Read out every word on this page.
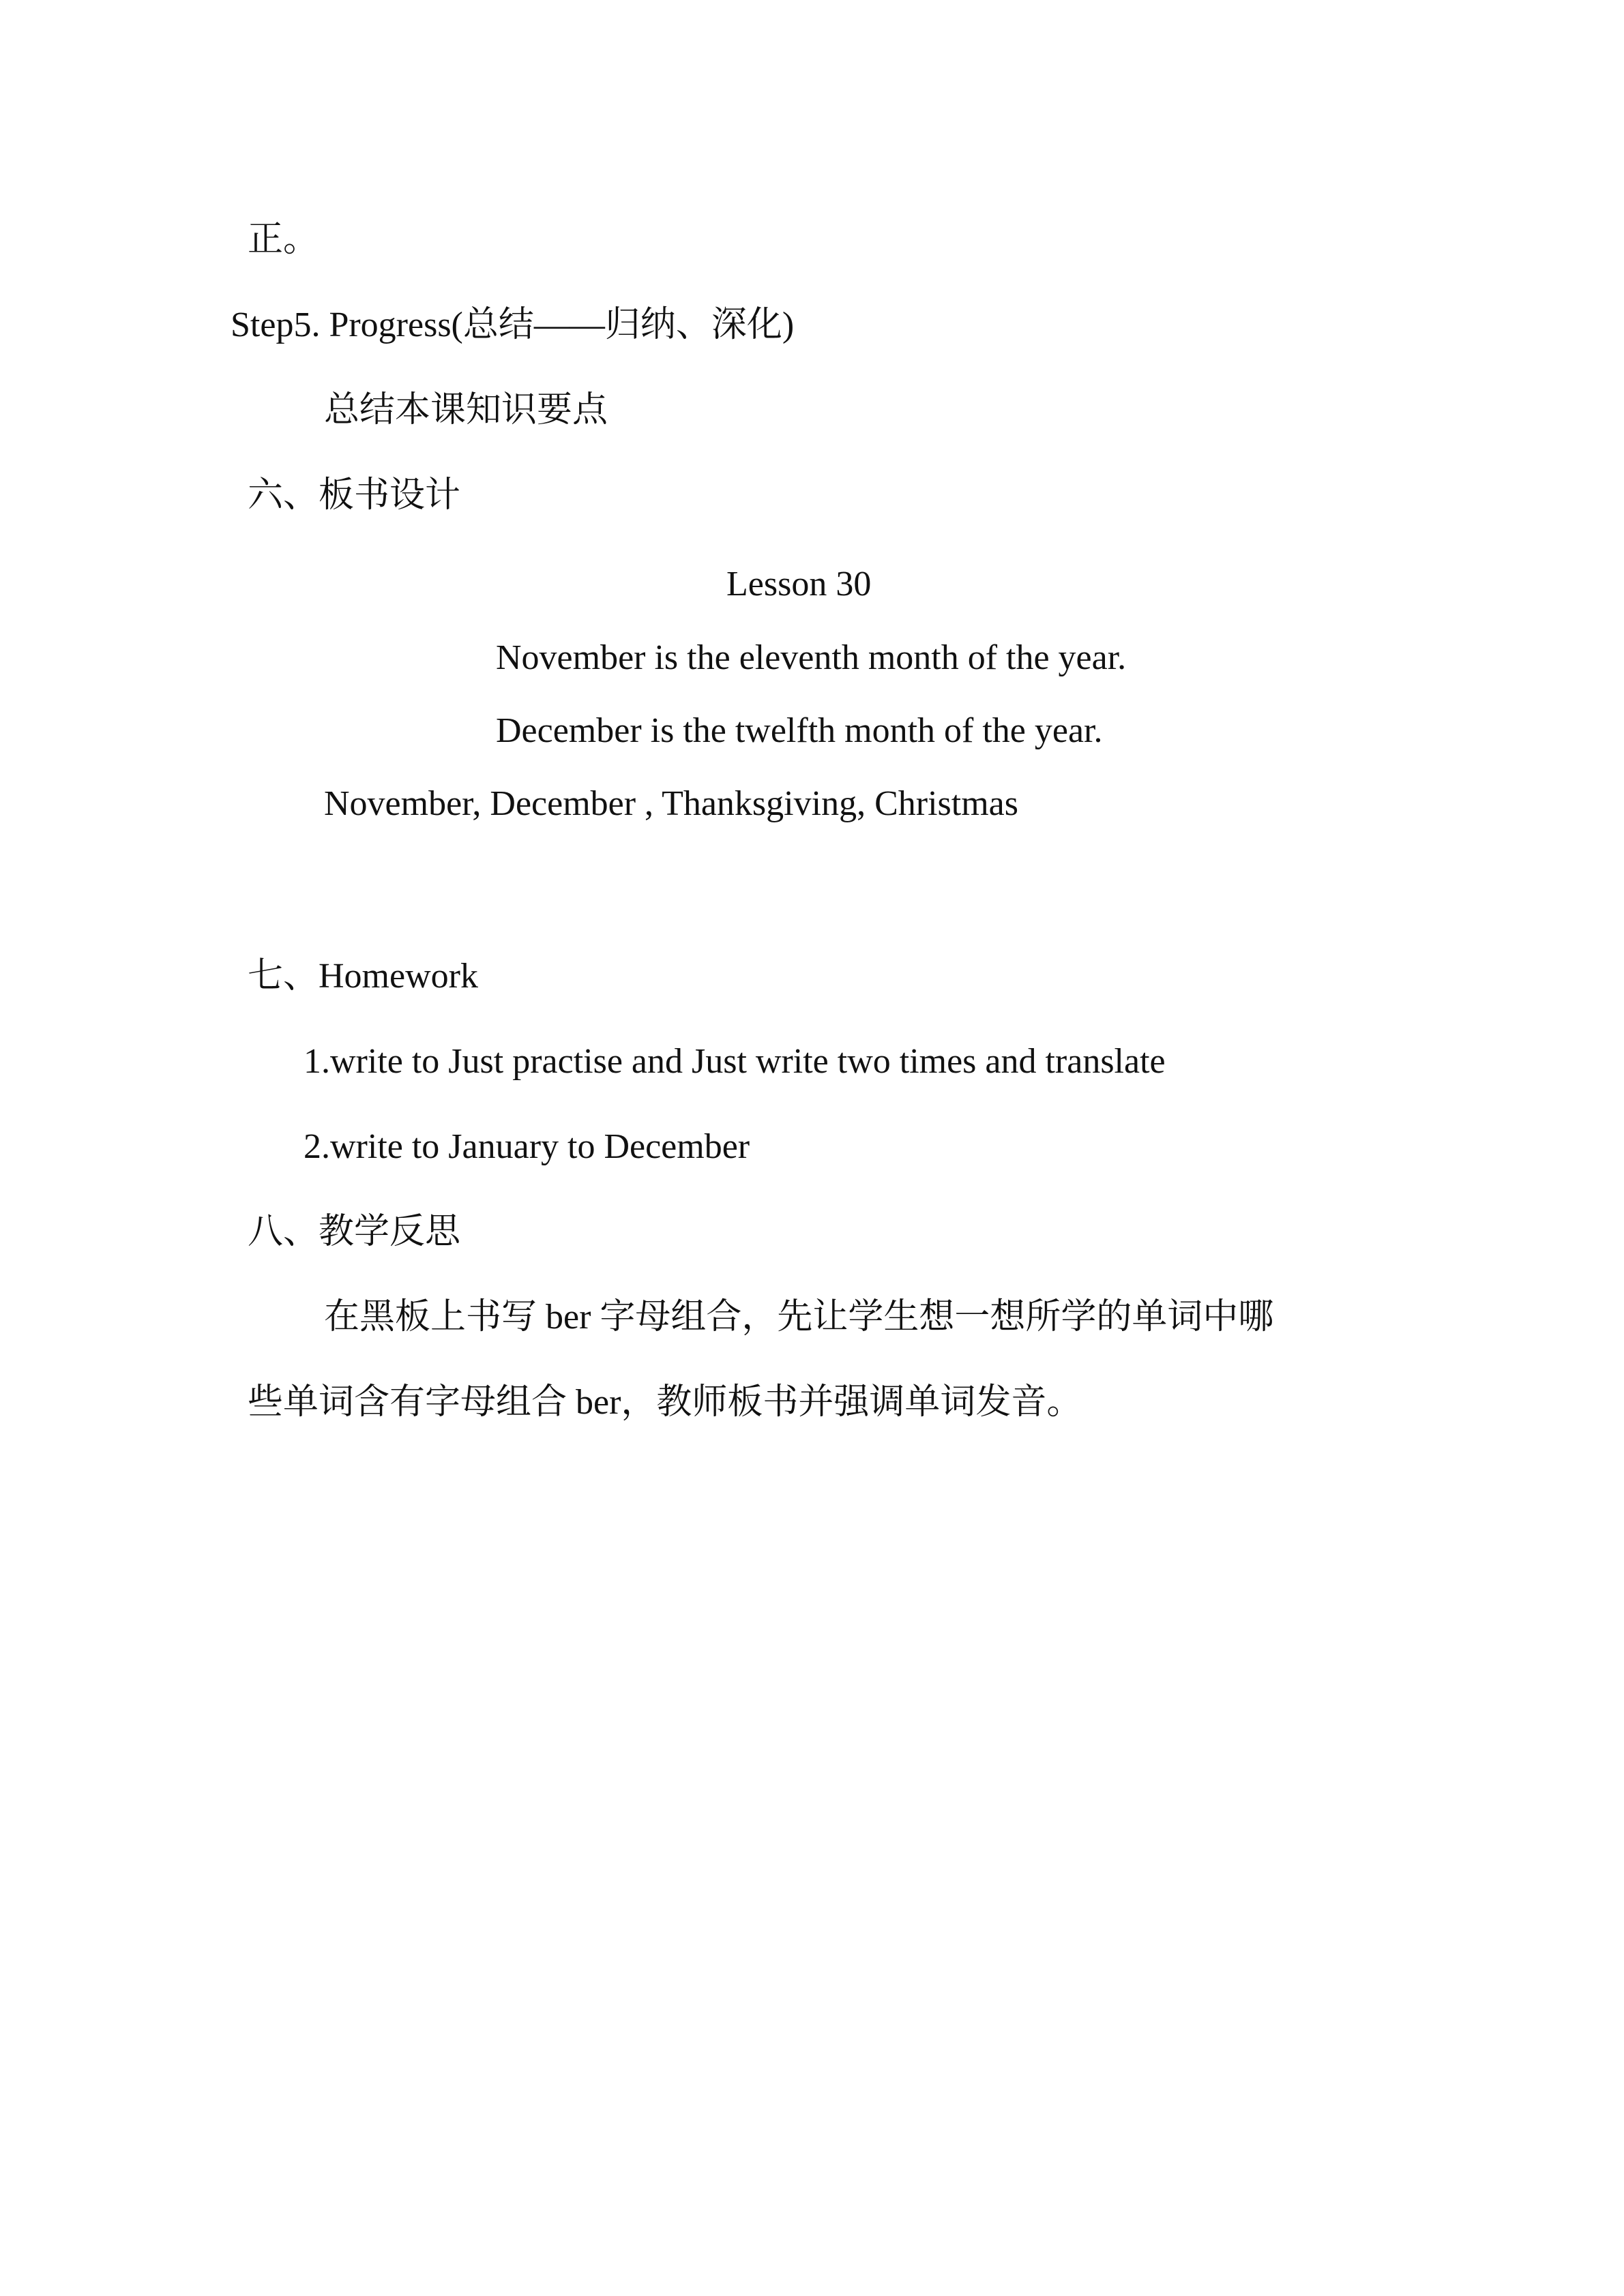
正。
Step5. Progress(总结——归纳、深化)
总结本课知识要点
六、板书设计
Lesson 30
November is the eleventh month of the year.
December is the twelfth month of the year.
November, December , Thanksgiving, Christmas
七、Homework
1.write to Just practise and Just write two times and translate
2.write to January to December
八、教学反思
在黑板上书写 ber 字母组合，先让学生想一想所学的单词中哪
些单词含有字母组合 ber，教师板书并强调单词发音。
